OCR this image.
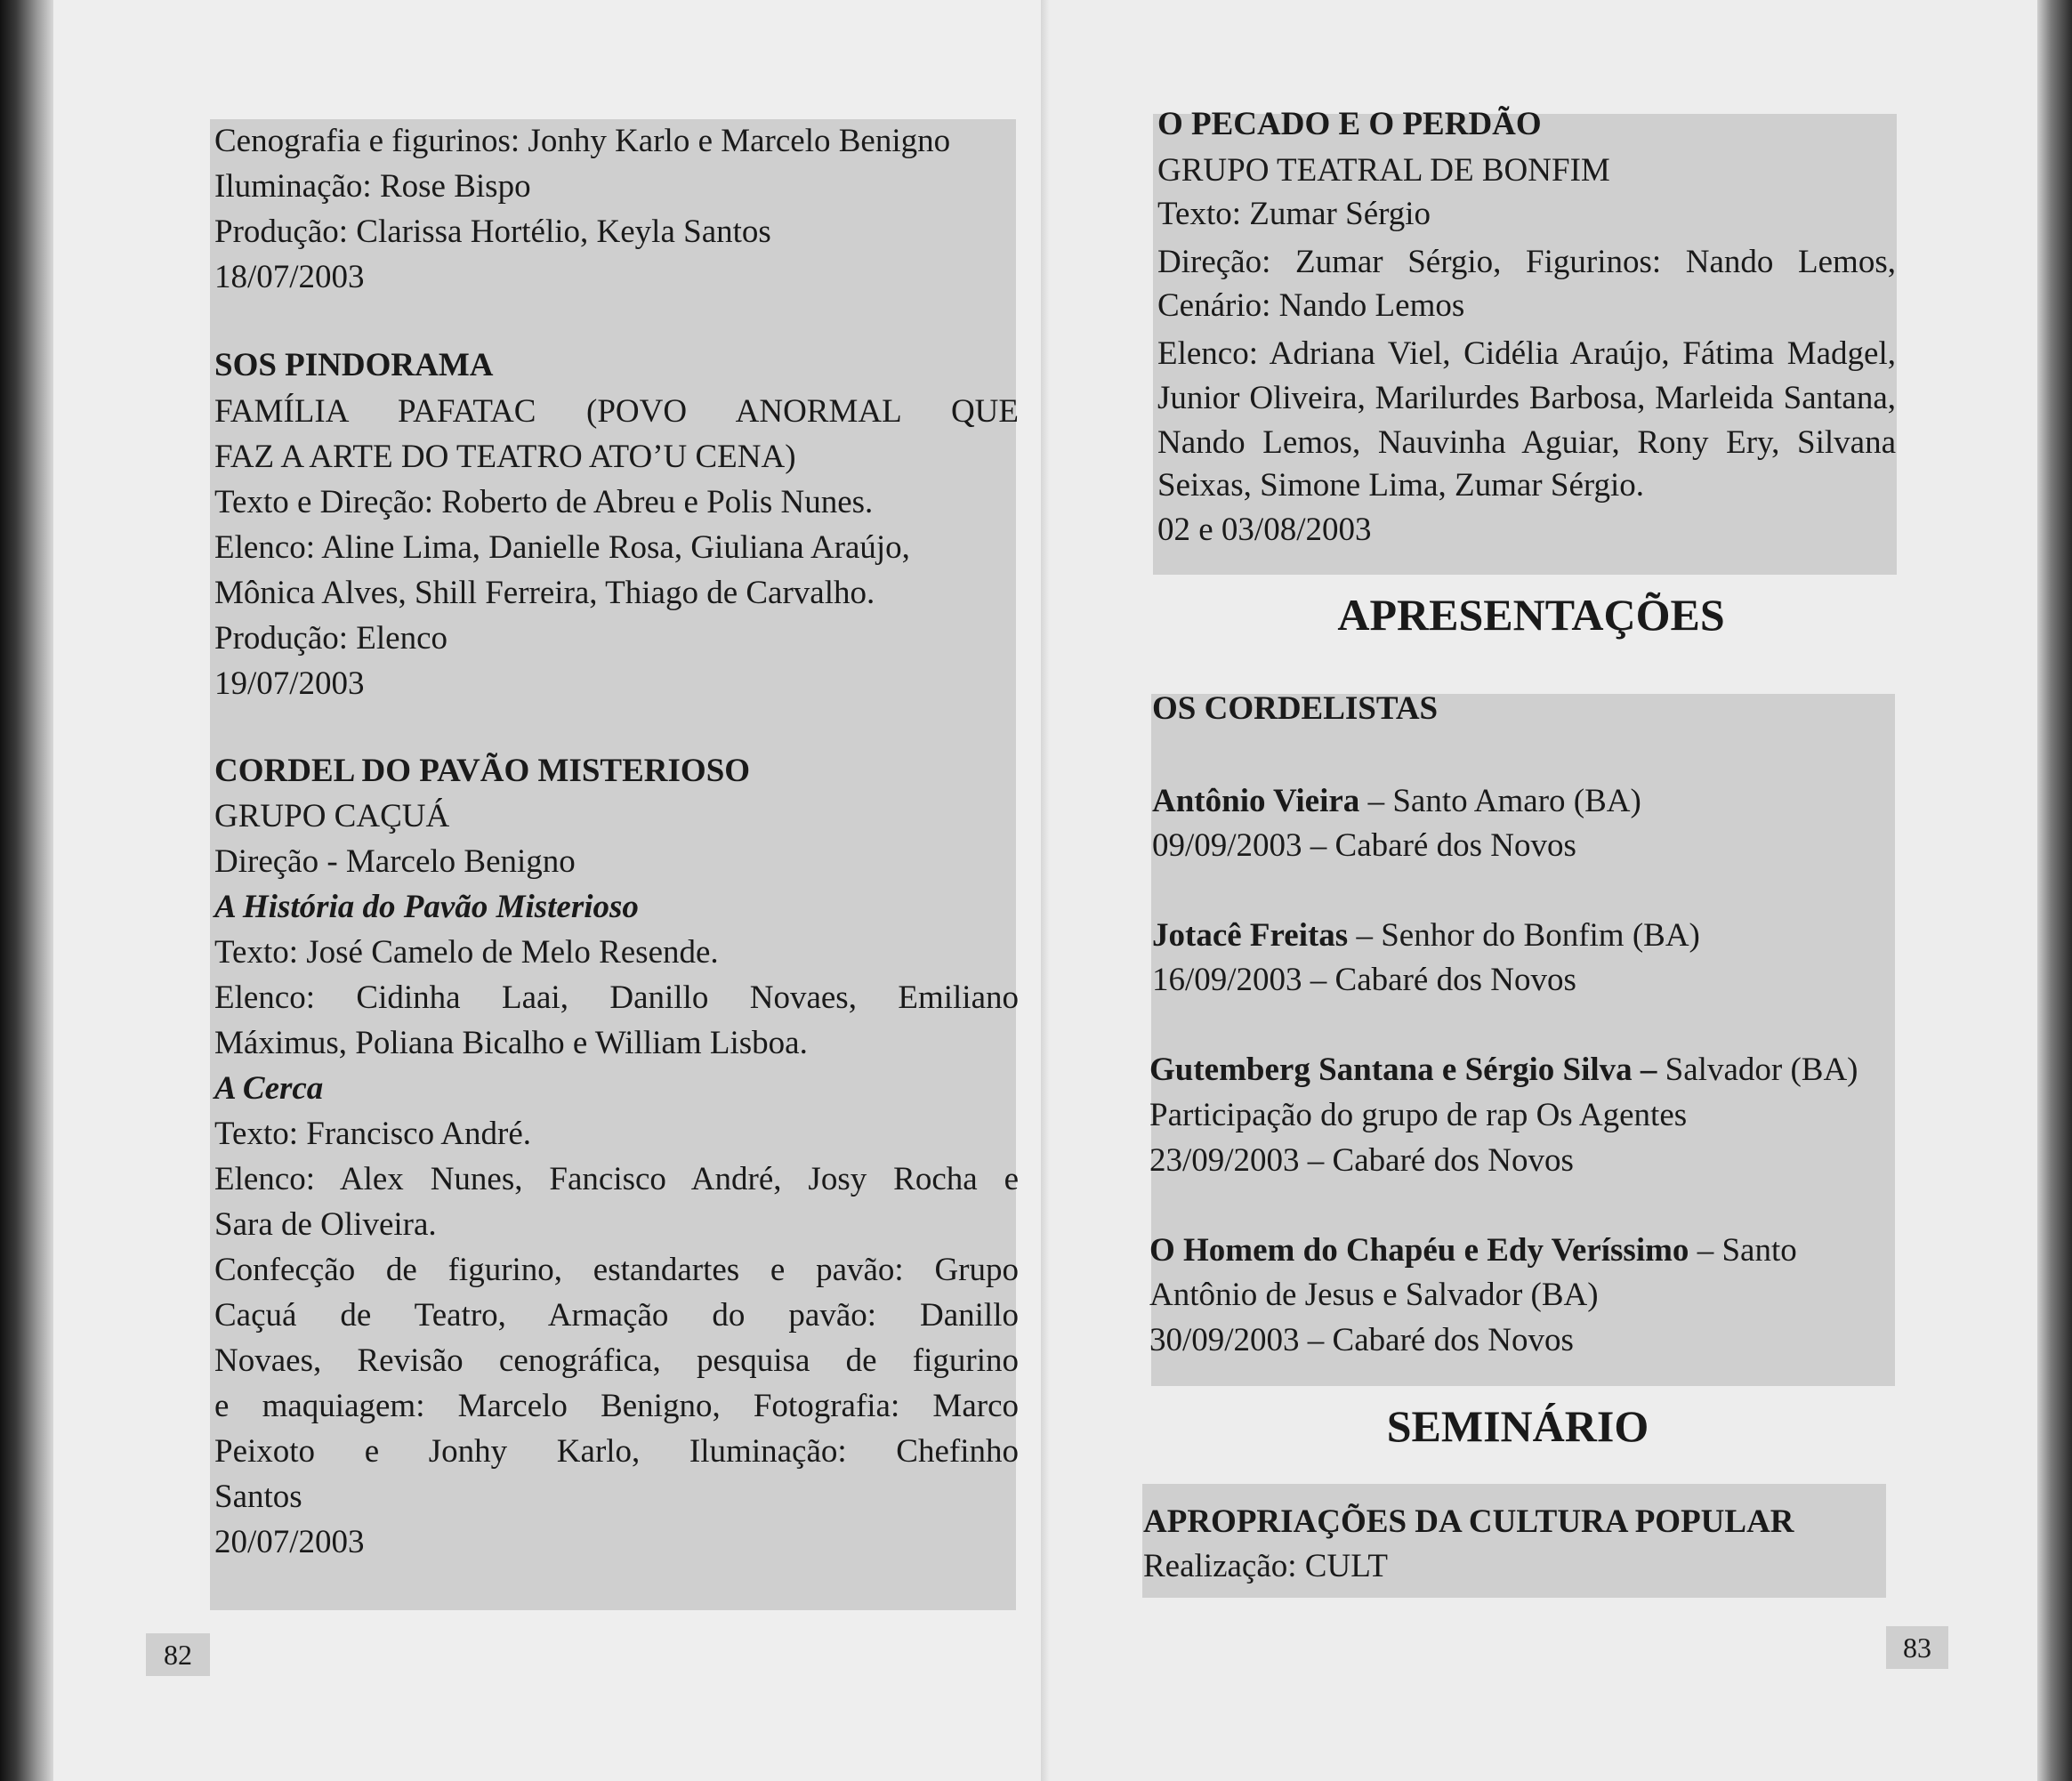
Cenografia e figurinos: Jonhy Karlo e Marcelo Benigno
Iluminação: Rose Bispo
Produção: Clarissa Hortélio, Keyla Santos
18/07/2003
SOS PINDORAMA
FAMÍLIA PAFATAC (POVO ANORMAL QUE
FAZ A ARTE DO TEATRO ATO’U CENA)
Texto e Direção: Roberto de Abreu e Polis Nunes.
Elenco: Aline Lima, Danielle Rosa, Giuliana Araújo,
Mônica Alves, Shill Ferreira, Thiago de Carvalho.
Produção: Elenco
19/07/2003
CORDEL DO PAVÃO MISTERIOSO
GRUPO CAÇUÁ
Direção - Marcelo Benigno
A História do Pavão Misterioso
Texto: José Camelo de Melo Resende.
Elenco: Cidinha Laai, Danillo Novaes, Emiliano
Máximus, Poliana Bicalho e William Lisboa.
A Cerca
Texto: Francisco André.
Elenco: Alex Nunes, Fancisco André, Josy Rocha e
Sara de Oliveira.
Confecção de figurino, estandartes e pavão: Grupo
Caçuá de Teatro, Armação do pavão: Danillo
Novaes, Revisão cenográfica, pesquisa de figurino
e maquiagem: Marcelo Benigno, Fotografia: Marco
Peixoto e Jonhy Karlo, Iluminação: Chefinho
Santos
20/07/2003
82
O PECADO E O PERDÃO
GRUPO TEATRAL DE BONFIM
Texto: Zumar Sérgio
Direção: Zumar Sérgio, Figurinos: Nando Lemos,
Cenário: Nando Lemos
Elenco: Adriana Viel, Cidélia Araújo, Fátima Madgel,
Junior Oliveira, Marilurdes Barbosa, Marleida Santana,
Nando Lemos, Nauvinha Aguiar, Rony Ery, Silvana
Seixas, Simone Lima, Zumar Sérgio.
02 e 03/08/2003
APRESENTAÇÕES
OS CORDELISTAS
Antônio Vieira – Santo Amaro (BA)
09/09/2003 – Cabaré dos Novos
Jotacê Freitas – Senhor do Bonfim (BA)
16/09/2003 – Cabaré dos Novos
Gutemberg Santana e Sérgio Silva – Salvador (BA)
Participação do grupo de rap Os Agentes
23/09/2003 – Cabaré dos Novos
O Homem do Chapéu e Edy Veríssimo – Santo
Antônio de Jesus e Salvador (BA)
30/09/2003 – Cabaré dos Novos
SEMINÁRIO
APROPRIAÇÕES DA CULTURA POPULAR
Realização: CULT
83
